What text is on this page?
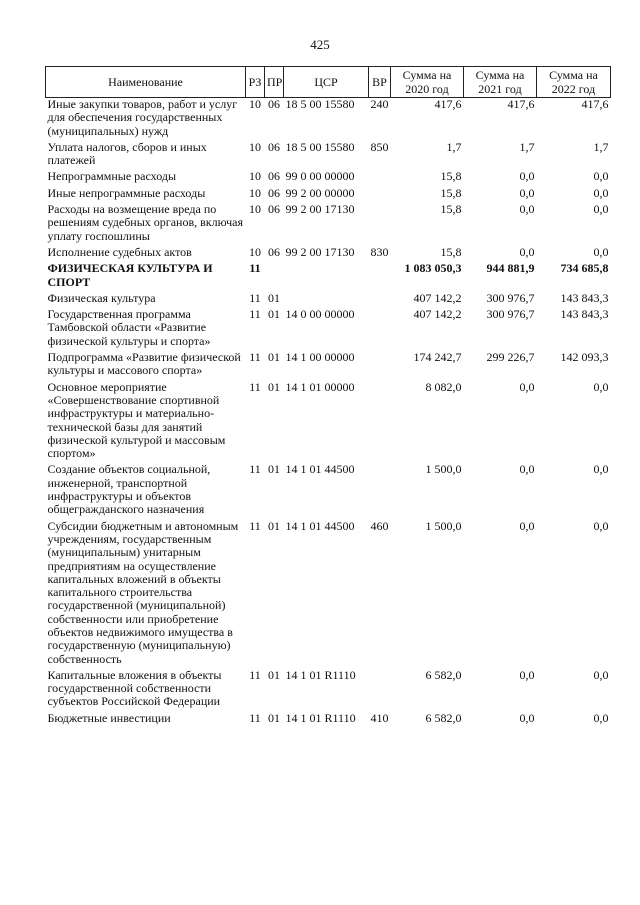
425
Наименование	РЗ	ПР	ЦСР	ВР	Сумма на 2020 год	Сумма на 2021 год	Сумма на 2022 год
Иные закупки товаров, работ и услуг для обеспечения государственных (муниципальных) нужд	10	06	18 5 00 15580	240	417,6	417,6	417,6
Уплата налогов, сборов и иных платежей	10	06	18 5 00 15580	850	1,7	1,7	1,7
Непрограммные расходы	10	06	99 0 00 00000		15,8	0,0	0,0
Иные непрограммные расходы	10	06	99 2 00 00000		15,8	0,0	0,0
Расходы на возмещение вреда по решениям судебных органов, включая уплату госпошлины	10	06	99 2 00 17130		15,8	0,0	0,0
Исполнение судебных актов	10	06	99 2 00 17130	830	15,8	0,0	0,0
ФИЗИЧЕСКАЯ КУЛЬТУРА И СПОРТ	11				1 083 050,3	944 881,9	734 685,8
Физическая культура	11	01			407 142,2	300 976,7	143 843,3
Государственная программа Тамбовской области «Развитие физической культуры и спорта»	11	01	14 0 00 00000		407 142,2	300 976,7	143 843,3
Подпрограмма «Развитие физической культуры и массового спорта»	11	01	14 1 00 00000		174 242,7	299 226,7	142 093,3
Основное мероприятие «Совершенствование спортивной инфраструктуры и материально-технической базы для занятий физической культурой и массовым спортом»	11	01	14 1 01 00000		8 082,0	0,0	0,0
Создание объектов социальной, инженерной, транспортной инфраструктуры и объектов общегражданского назначения	11	01	14 1 01 44500		1 500,0	0,0	0,0
Субсидии бюджетным и автономным учреждениям, государственным (муниципальным) унитарным предприятиям на осуществление капитальных вложений в объекты капитального строительства государственной (муниципальной) собственности или приобретение объектов недвижимого имущества в государственную (муниципальную) собственность	11	01	14 1 01 44500	460	1 500,0	0,0	0,0
Капитальные вложения в объекты государственной собственности субъектов Российской Федерации	11	01	14 1 01 R1110		6 582,0	0,0	0,0
Бюджетные инвестиции	11	01	14 1 01 R1110	410	6 582,0	0,0	0,0
